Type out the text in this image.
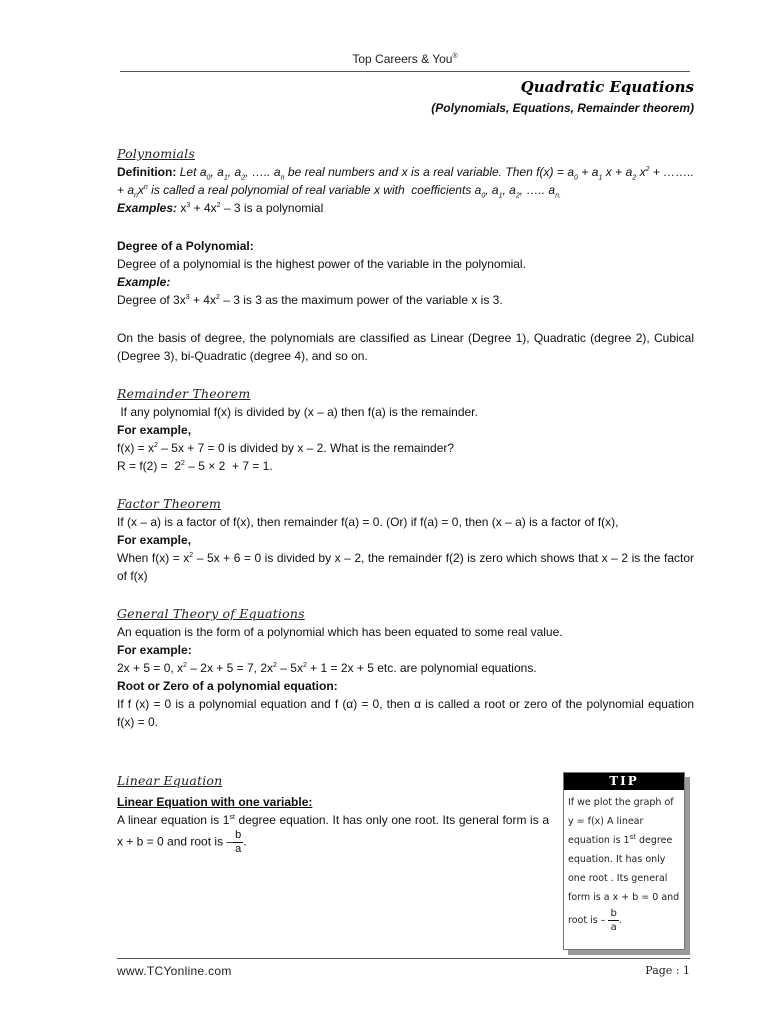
Top Careers & You®
Quadratic Equations
(Polynomials, Equations, Remainder theorem)

Polynomials

Definition: Let $a_0$, $a_1$, $a_2$, ….. $a_n$ be real numbers and x is a real variable. Then $f(x) = a_0 + a_1$ $x + a_2$ $x^2$ + …….. + $a_nx^n$ is called a real polynomial of real variable x with  coefficients $a_0$, $a_1$, $a_2$, ….. $a_{n.}$

Examples: $x^3 + 4x^2 - 3$ is a polynomial

Degree of a Polynomial:

Degree of a polynomial is the highest power of the variable in the polynomial.

Example:

Degree of $3x^3 + 4x^2 - 3$ is 3 as the maximum power of the variable x is 3.

On the basis of degree, the polynomials are classified as Linear (Degree 1), Quadratic (degree 2), Cubical (Degree 3), bi-Quadratic (degree 4), and so on.

Remainder Theorem

If any polynomial f(x) is divided by (x – a) then f(a) is the remainder.

For example,

$f(x) = x^2 - 5x + 7 = 0$ is divided by x – 2. What is the remainder?

$R = f(2) = 2^2 - 5 \times 2 + 7 = 1$.

Factor Theorem

If (x – a) is a factor of f(x), then remainder f(a) = 0. (Or) if f(a) = 0, then (x – a) is a factor of f(x),

For example,

When $f(x) = x^2 - 5x + 6 = 0$ is divided by x – 2, the remainder f(2) is zero which shows that x – 2 is the factor of f(x)

General Theory of Equations

An equation is the form of a polynomial which has been equated to some real value.

For example:

2x + 5 = 0, $x^2 - 2x + 5 = 7$, $2x^2 - 5x^2 + 1 = 2x + 5$ etc. are polynomial equations.

Root or Zero of a polynomial equation:

If f (x) = 0 is a polynomial equation and f (α) = 0, then α is called a root or zero of the polynomial equation f(x) = 0.

Linear Equation

Linear Equation with one variable:

A linear equation is 1st degree equation. It has only one root. Its general form is a x + b = 0 and root is – $\frac{b}{a}$ .

TIP
If we plot the graph of y = f(x) A linear equation is 1st degree equation. It has only one root . Its general form is a x + b = 0 and root is – $\frac{b}{a}$ .
www.TCYonline.com	Page : 1
